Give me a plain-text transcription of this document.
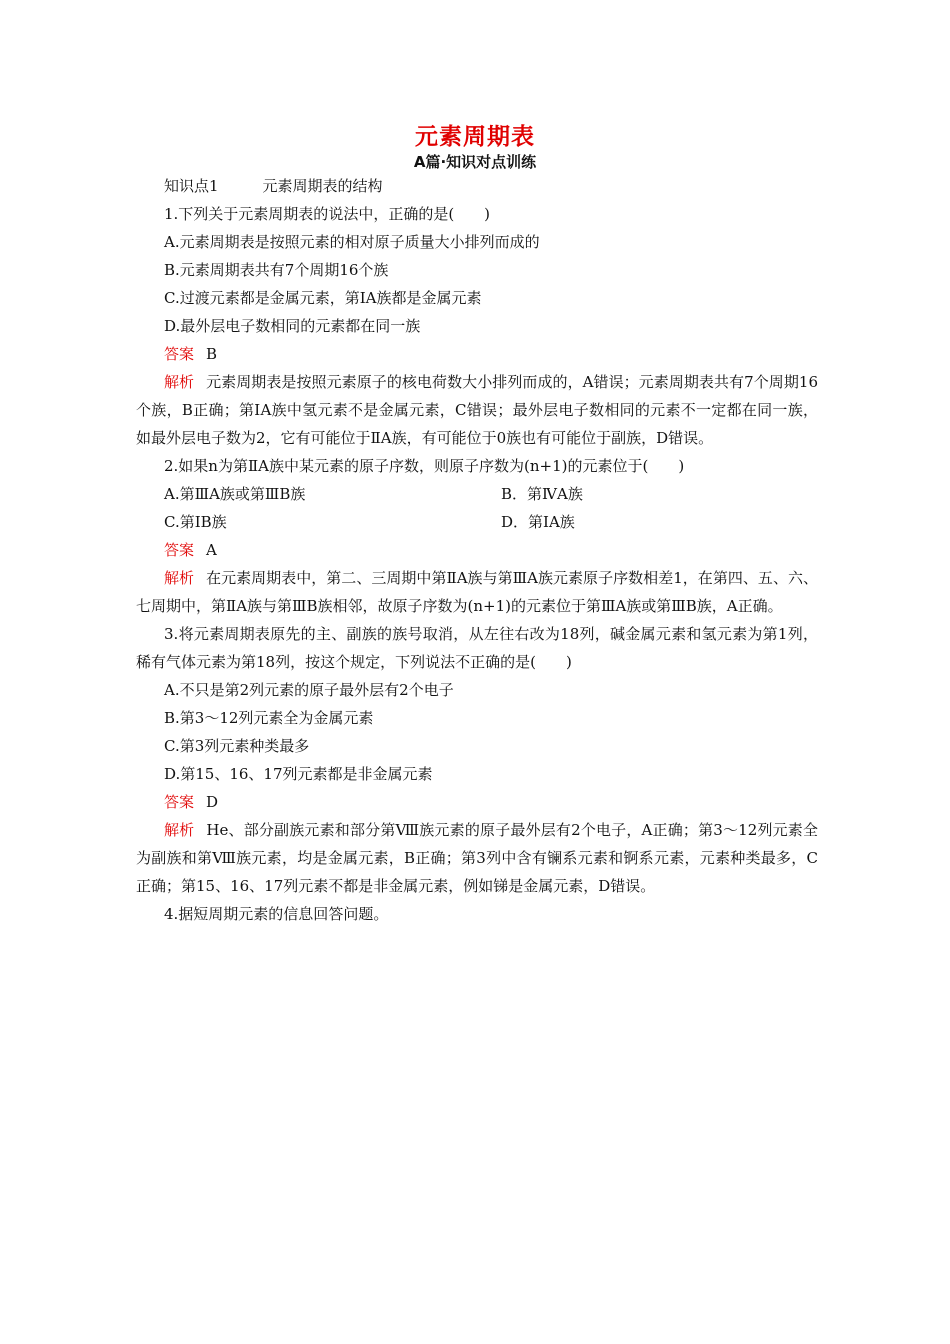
元素周期表
A篇·知识对点训练
知识点1	元素周期表的结构
1.下列关于元素周期表的说法中，正确的是(　　)
A.元素周期表是按照元素的相对原子质量大小排列而成的
B.元素周期表共有7个周期16个族
C.过渡元素都是金属元素，第ⅠA族都是金属元素
D.最外层电子数相同的元素都在同一族
答案 B
解析 元素周期表是按照元素原子的核电荷数大小排列而成的，A错误；元素周期表共有7个周期16个族，B正确；第ⅠA族中氢元素不是金属元素，C错误；最外层电子数相同的元素不一定都在同一族，如最外层电子数为2，它有可能位于ⅡA族，有可能位于0族也有可能位于副族，D错误。
2.如果n为第ⅡA族中某元素的原子序数，则原子序数为(n+1)的元素位于(　　)
A.第ⅢA族或第ⅢB族	B．第ⅣA族
C.第ⅠB族	D．第ⅠA族
答案 A
解析 在元素周期表中，第二、三周期中第ⅡA族与第ⅢA族元素原子序数相差1，在第四、五、六、七周期中，第ⅡA族与第ⅢB族相邻，故原子序数为(n+1)的元素位于第ⅢA族或第ⅢB族，A正确。
3.将元素周期表原先的主、副族的族号取消，从左往右改为18列，碱金属元素和氢元素为第1列，稀有气体元素为第18列，按这个规定，下列说法不正确的是(　　)
A.不只是第2列元素的原子最外层有2个电子
B.第3～12列元素全为金属元素
C.第3列元素种类最多
D.第15、16、17列元素都是非金属元素
答案 D
解析 He、部分副族元素和部分第Ⅷ族元素的原子最外层有2个电子，A正确；第3～12列元素全为副族和第Ⅷ族元素，均是金属元素，B正确；第3列中含有镧系元素和锕系元素，元素种类最多，C正确；第15、16、17列元素不都是非金属元素，例如锑是金属元素，D错误。
4.据短周期元素的信息回答问题。
